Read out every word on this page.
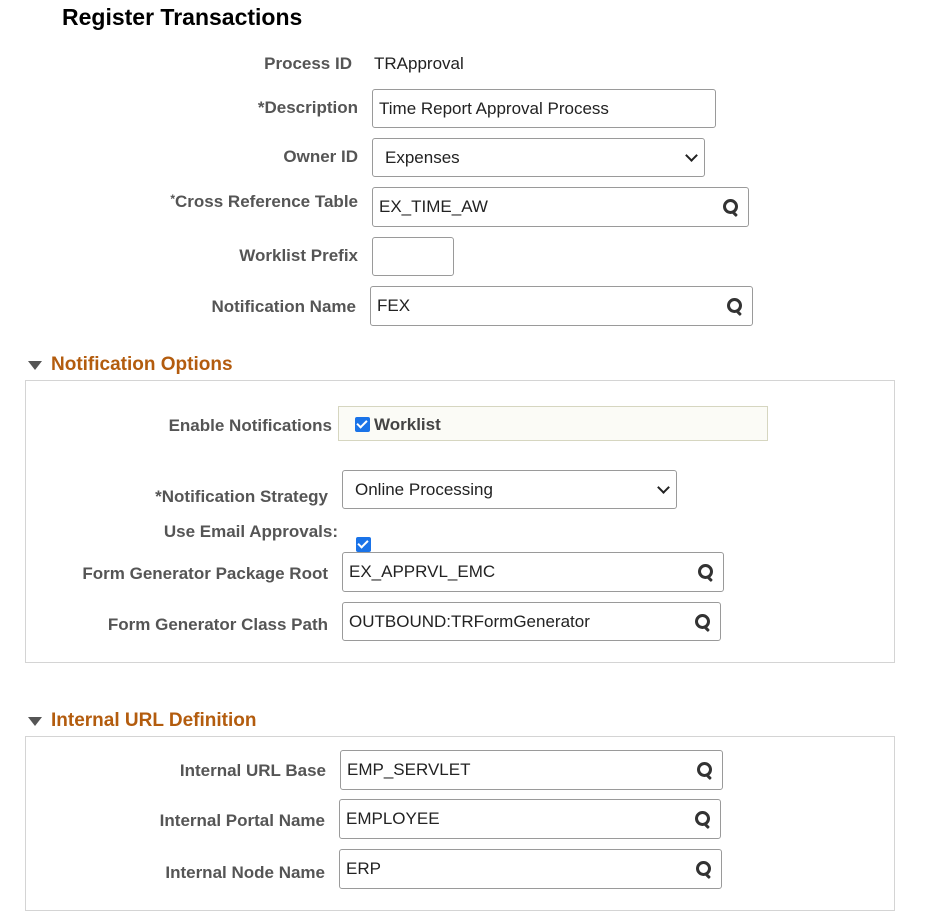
Register Transactions
Process ID TRApproval
*Description Time Report Approval Process
Owner ID Expenses
*Cross Reference Table EX_TIME_AW
Worklist Prefix
Notification Name FEX
Notification Options
Enable Notifications Worklist
*Notification Strategy Online Processing
Use Email Approvals:
Form Generator Package Root EX_APPRVL_EMC
Form Generator Class Path OUTBOUND:TRFormGenerator
Internal URL Definition
Internal URL Base EMP_SERVLET
Internal Portal Name EMPLOYEE
Internal Node Name ERP
